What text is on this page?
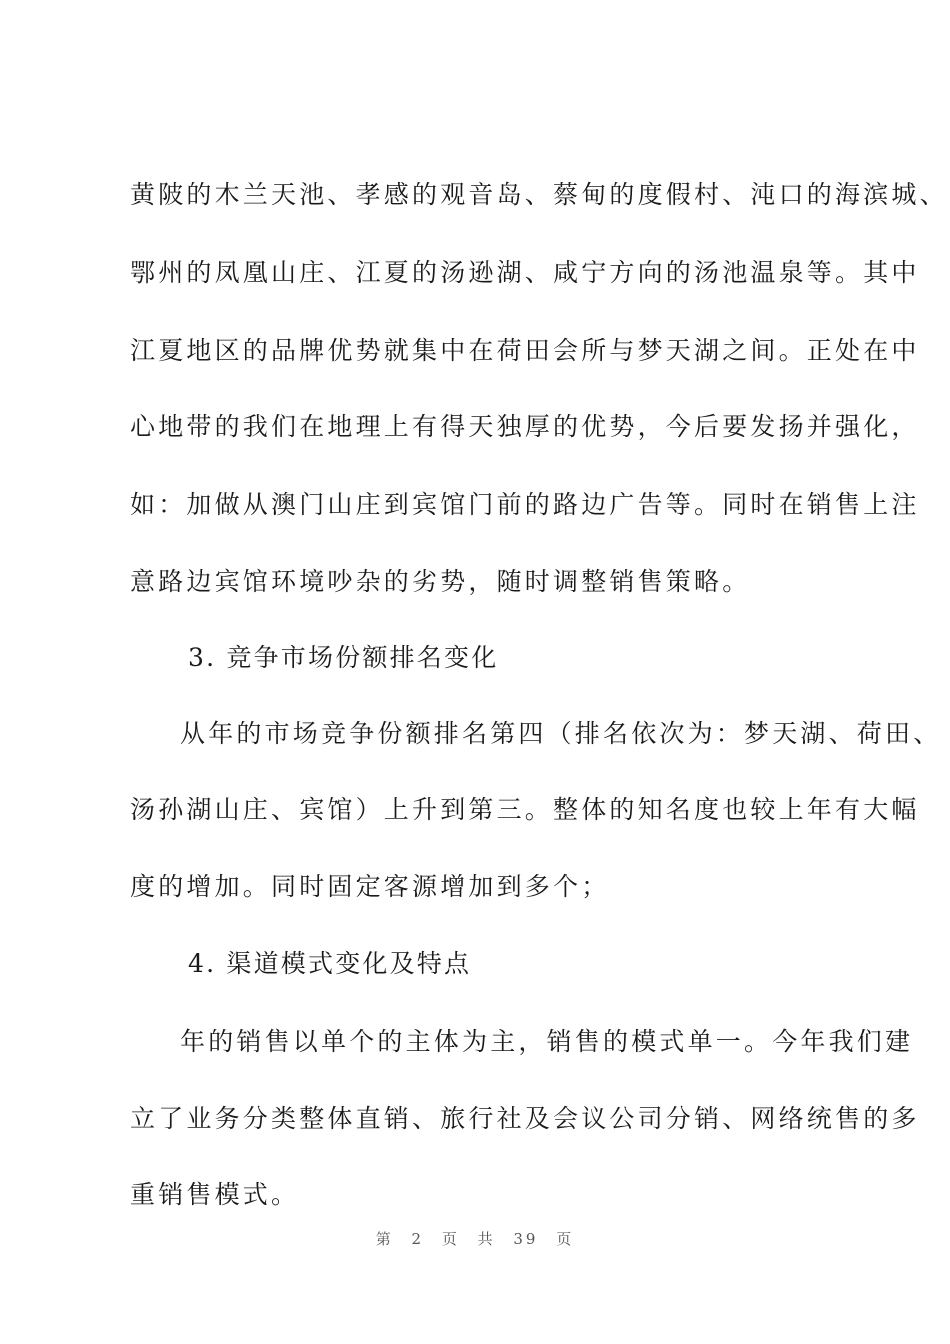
黄陂的木兰天池、孝感的观音岛、蔡甸的度假村、沌口的海滨城、
鄂州的凤凰山庄、江夏的汤逊湖、咸宁方向的汤池温泉等。其中
江夏地区的品牌优势就集中在荷田会所与梦天湖之间。正处在中
心地带的我们在地理上有得天独厚的优势，今后要发扬并强化，
如：加做从澳门山庄到宾馆门前的路边广告等。同时在销售上注
意路边宾馆环境吵杂的劣势，随时调整销售策略。
3. 竞争市场份额排名变化
从年的市场竞争份额排名第四（排名依次为：梦天湖、荷田、
汤孙湖山庄、宾馆）上升到第三。整体的知名度也较上年有大幅
度的增加。同时固定客源增加到多个；
4. 渠道模式变化及特点
年的销售以单个的主体为主，销售的模式单一。今年我们建
立了业务分类整体直销、旅行社及会议公司分销、网络统售的多
重销售模式。
第 2 页 共 39 页
